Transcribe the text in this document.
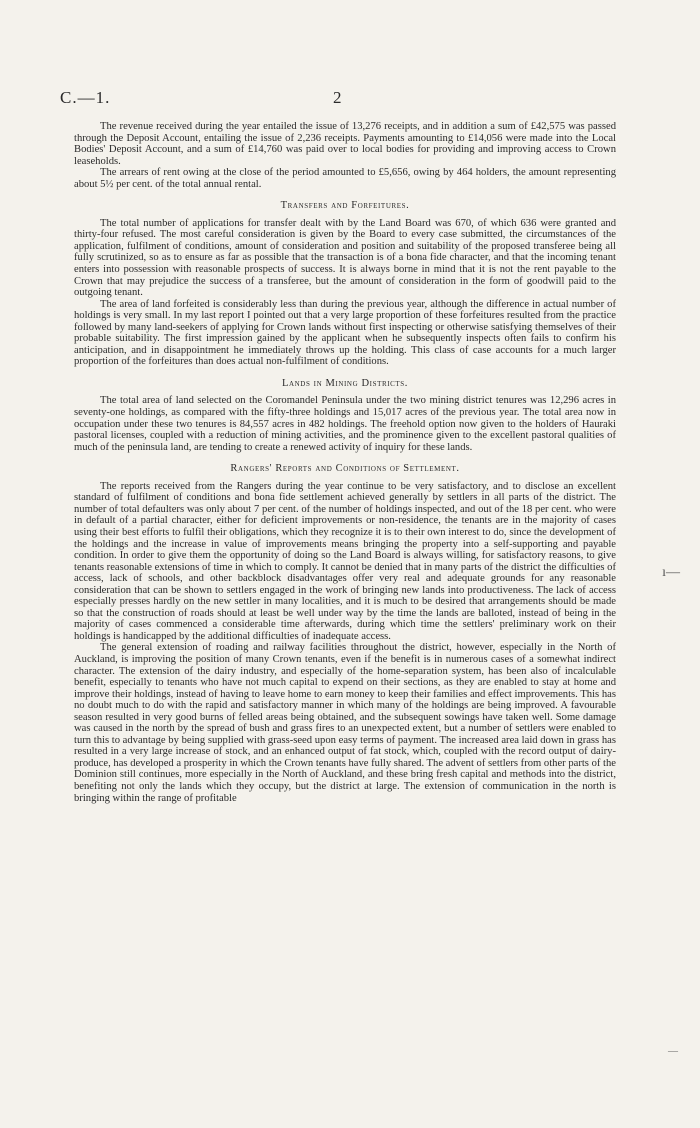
C.—1.	2

The revenue received during the year entailed the issue of 13,276 receipts, and in addition a sum of £42,575 was passed through the Deposit Account, entailing the issue of 2,236 receipts. Payments amounting to £14,056 were made into the Local Bodies' Deposit Account, and a sum of £14,760 was paid over to local bodies for providing and improving access to Crown leaseholds.

The arrears of rent owing at the close of the period amounted to £5,656, owing by 464 holders, the amount representing about 5½ per cent. of the total annual rental.

Transfers and Forfeitures.

The total number of applications for transfer dealt with by the Land Board was 670, of which 636 were granted and thirty-four refused. The most careful consideration is given by the Board to every case submitted, the circumstances of the application, fulfilment of conditions, amount of consideration and position and suitability of the proposed transferee being all fully scrutinized, so as to ensure as far as possible that the transaction is of a bona fide character, and that the incoming tenant enters into possession with reasonable prospects of success. It is always borne in mind that it is not the rent payable to the Crown that may prejudice the success of a transferee, but the amount of consideration in the form of goodwill paid to the outgoing tenant.

The area of land forfeited is considerably less than during the previous year, although the difference in actual number of holdings is very small. In my last report I pointed out that a very large proportion of these forfeitures resulted from the practice followed by many land-seekers of applying for Crown lands without first inspecting or otherwise satisfying themselves of their probable suitability. The first impression gained by the applicant when he subsequently inspects often fails to confirm his anticipation, and in disappointment he immediately throws up the holding. This class of case accounts for a much larger proportion of the forfeitures than does actual non-fulfilment of conditions.

Lands in Mining Districts.

The total area of land selected on the Coromandel Peninsula under the two mining district tenures was 12,296 acres in seventy-one holdings, as compared with the fifty-three holdings and 15,017 acres of the previous year. The total area now in occupation under these two tenures is 84,557 acres in 482 holdings. The freehold option now given to the holders of Hauraki pastoral licenses, coupled with a reduction of mining activities, and the prominence given to the excellent pastoral qualities of much of the peninsula land, are tending to create a renewed activity of inquiry for these lands.

Rangers' Reports and Conditions of Settlement.

The reports received from the Rangers during the year continue to be very satisfactory, and to disclose an excellent standard of fulfilment of conditions and bona fide settlement achieved generally by settlers in all parts of the district. The number of total defaulters was only about 7 per cent. of the number of holdings inspected, and out of the 18 per cent. who were in default of a partial character, either for deficient improvements or non-residence, the tenants are in the majority of cases using their best efforts to fulfil their obligations, which they recognize it is to their own interest to do, since the development of the holdings and the increase in value of improvements means bringing the property into a self-supporting and payable condition. In order to give them the opportunity of doing so the Land Board is always willing, for satisfactory reasons, to give tenants reasonable extensions of time in which to comply. It cannot be denied that in many parts of the district the difficulties of access, lack of schools, and other backblock disadvantages offer very real and adequate grounds for any reasonable consideration that can be shown to settlers engaged in the work of bringing new lands into productiveness. The lack of access especially presses hardly on the new settler in many localities, and it is much to be desired that arrangements should be made so that the construction of roads should at least be well under way by the time the lands are balloted, instead of being in the majority of cases commenced a considerable time afterwards, during which time the settlers' preliminary work on their holdings is handicapped by the additional difficulties of inadequate access.

The general extension of roading and railway facilities throughout the district, however, especially in the North of Auckland, is improving the position of many Crown tenants, even if the benefit is in numerous cases of a somewhat indirect character. The extension of the dairy industry, and especially of the home-separation system, has been also of incalculable benefit, especially to tenants who have not much capital to expend on their sections, as they are enabled to stay at home and improve their holdings, instead of having to leave home to earn money to keep their families and effect improvements. This has no doubt much to do with the rapid and satisfactory manner in which many of the holdings are being improved. A favourable season resulted in very good burns of felled areas being obtained, and the subsequent sowings have taken well. Some damage was caused in the north by the spread of bush and grass fires to an unexpected extent, but a number of settlers were enabled to turn this to advantage by being supplied with grass-seed upon easy terms of payment. The increased area laid down in grass has resulted in a very large increase of stock, and an enhanced output of fat stock, which, coupled with the record output of dairy-produce, has developed a prosperity in which the Crown tenants have fully shared. The advent of settlers from other parts of the Dominion still continues, more especially in the North of Auckland, and these bring fresh capital and methods into the district, benefiting not only the lands which they occupy, but the district at large. The extension of communication in the north is bringing within the range of profitable

ı—
—
